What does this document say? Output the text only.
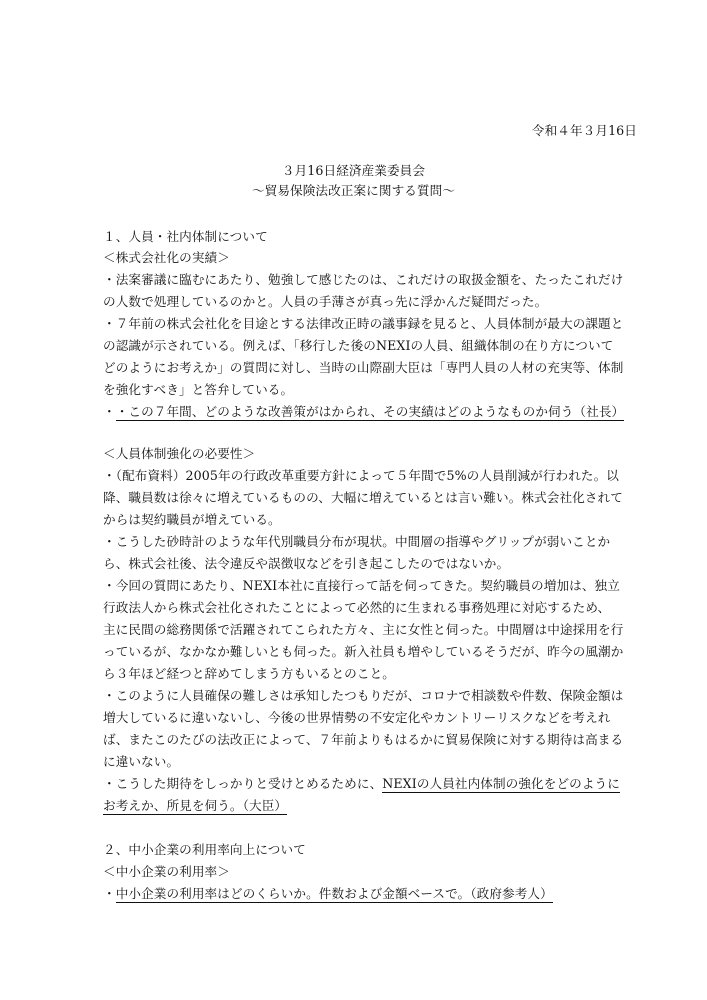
令和４年３月16日
３月16日経済産業委員会
～貿易保険法改正案に関する質問～
１、人員・社内体制について
＜株式会社化の実績＞
・法案審議に臨むにあたり、勉強して感じたのは、これだけの取扱金額を、たったこれだけ
の人数で処理しているのかと。人員の手薄さが真っ先に浮かんだ疑問だった。
・７年前の株式会社化を目途とする法律改正時の議事録を見ると、人員体制が最大の課題と
の認識が示されている。例えば、「移行した後のNEXIの人員、組織体制の在り方について
どのようにお考えか」の質問に対し、当時の山際副大臣は「専門人員の人材の充実等、体制
を強化すべき」と答弁している。
・・この７年間、どのような改善策がはかられ、その実績はどのようなものか伺う（社長）
＜人員体制強化の必要性＞
・（配布資料）2005年の行政改革重要方針によって５年間で5%の人員削減が行われた。以
降、職員数は徐々に増えているものの、大幅に増えているとは言い難い。株式会社化されて
からは契約職員が増えている。
・こうした砂時計のような年代別職員分布が現状。中間層の指導やグリップが弱いことか
ら、株式会社後、法令違反や誤徴収などを引き起こしたのではないか。
・今回の質問にあたり、NEXI本社に直接行って話を伺ってきた。契約職員の増加は、独立
行政法人から株式会社化されたことによって必然的に生まれる事務処理に対応するため、
主に民間の総務関係で活躍されてこられた方々、主に女性と伺った。中間層は中途採用を行
っているが、なかなか難しいとも伺った。新入社員も増やしているそうだが、昨今の風潮か
ら３年ほど経つと辞めてしまう方もいるとのこと。
・このように人員確保の難しさは承知したつもりだが、コロナで相談数や件数、保険金額は
増大しているに違いないし、今後の世界情勢の不安定化やカントリーリスクなどを考えれ
ば、またこのたびの法改正によって、７年前よりもはるかに貿易保険に対する期待は高まる
に違いない。
・こうした期待をしっかりと受けとめるために、NEXIの人員社内体制の強化をどのように
お考えか、所見を伺う。（大臣）
２、中小企業の利用率向上について
＜中小企業の利用率＞
・中小企業の利用率はどのくらいか。件数および金額ベースで。（政府参考人）
